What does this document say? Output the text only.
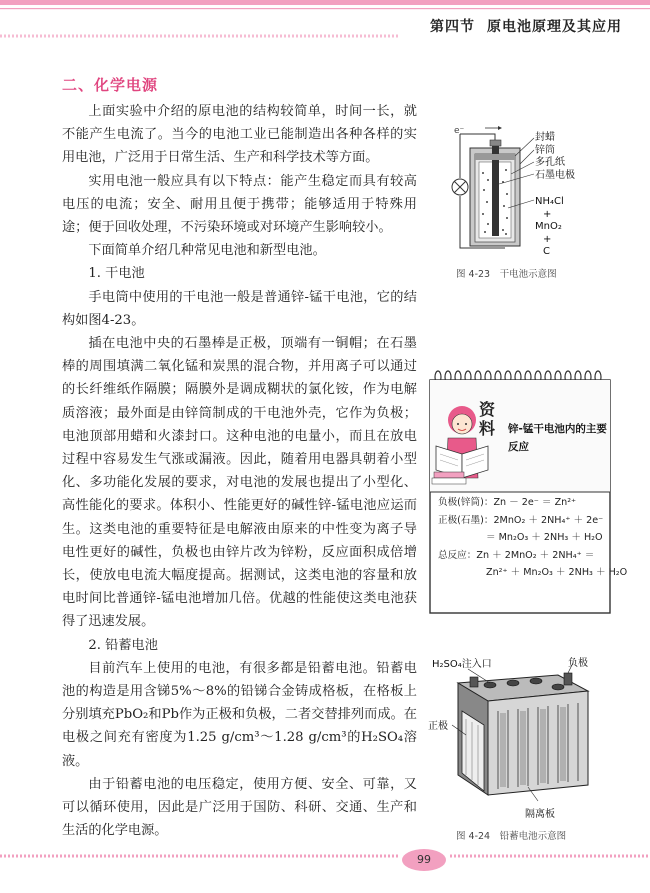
第四节 原电池原理及其应用
二、化学电源

上面实验中介绍的原电池的结构较简单，时间一长，就不能产生电流了。当今的电池工业已能制造出各种各样的实用电池，广泛用于日常生活、生产和科学技术等方面。

实用电池一般应具有以下特点：能产生稳定而具有较高电压的电流；安全、耐用且便于携带；能够适用于特殊用途；便于回收处理，不污染环境或对环境产生影响较小。

下面简单介绍几种常见电池和新型电池。

1. 干电池

手电筒中使用的干电池一般是普通锌-锰干电池，它的结构如图4-23。

插在电池中央的石墨棒是正极，顶端有一铜帽；在石墨棒的周围填满二氧化锰和炭黑的混合物，并用离子可以通过的长纤维纸作隔膜；隔膜外是调成糊状的氯化铵，作为电解质溶液；最外面是由锌筒制成的干电池外壳，它作为负极；电池顶部用蜡和火漆封口。这种电池的电量小，而且在放电过程中容易发生气涨或漏液。因此，随着用电器具朝着小型化、多功能化发展的要求，对电池的发展也提出了小型化、高性能化的要求。体积小、性能更好的碱性锌-锰电池应运而生。这类电池的重要特征是电解液由原来的中性变为离子导电性更好的碱性，负极也由锌片改为锌粉，反应面积成倍增长，使放电电流大幅度提高。据测试，这类电池的容量和放电时间比普通锌-锰电池增加几倍。优越的性能使这类电池获得了迅速发展。

2. 铅蓄电池

目前汽车上使用的电池，有很多都是铅蓄电池。铅蓄电池的构造是用含锑5%～8%的铅锑合金铸成格板，在格板上分别填充PbO₂和Pb作为正极和负极，二者交替排列而成。在电极之间充有密度为1.25 g/cm³～1.28 g/cm³的H₂SO₄溶液。

由于铅蓄电池的电压稳定，使用方便、安全、可靠，又可以循环使用，因此是广泛用于国防、科研、交通、生产和生活的化学电源。

e⁻
封蜡
锌筒
多孔纸
石墨电极
NH₄Cl
+
MnO₂
+
C
图 4-23　干电池示意图
资料	锌-锰干电池内的主要反应
负极(锌筒)：Zn － 2e⁻ ＝ Zn²⁺
正极(石墨)：2MnO₂ ＋ 2NH₄⁺ ＋ 2e⁻
＝ Mn₂O₃ ＋ 2NH₃ ＋ H₂O
总反应：Zn ＋ 2MnO₂ ＋ 2NH₄⁺ ＝
Zn²⁺ ＋ Mn₂O₃ ＋ 2NH₃ ＋ H₂O
H₂SO₄注入口	负极
正极
隔离板
图 4-24　铅蓄电池示意图
99
